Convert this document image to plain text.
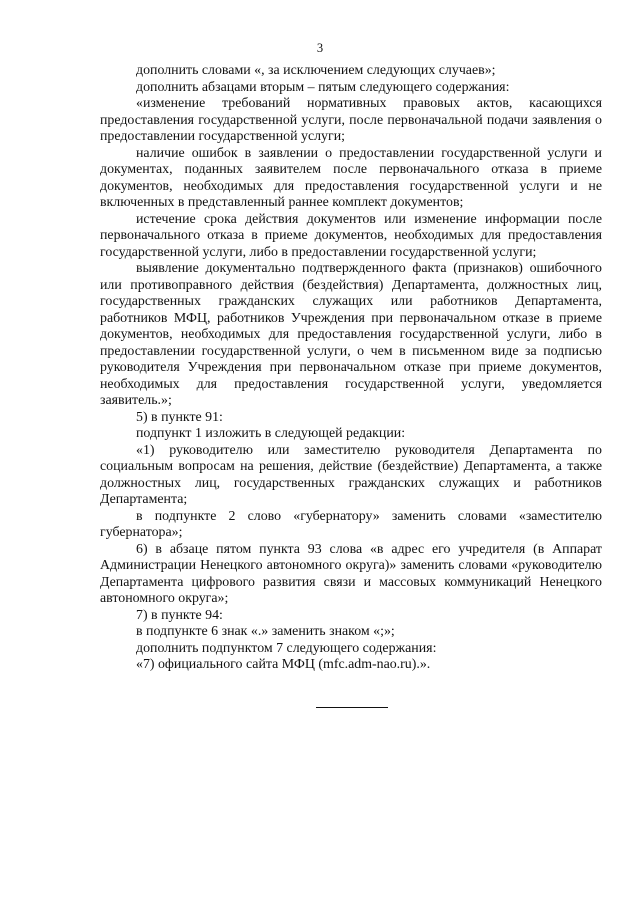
3

дополнить словами «, за исключением следующих случаев»;

дополнить абзацами вторым – пятым следующего содержания:

«изменение требований нормативных правовых актов, касающихся предоставления государственной услуги, после первоначальной подачи заявления о предоставлении государственной услуги;

наличие ошибок в заявлении о предоставлении государственной услуги и документах, поданных заявителем после первоначального отказа в приеме документов, необходимых для предоставления государственной услуги и не включенных в представленный раннее комплект документов;

истечение срока действия документов или изменение информации после первоначального отказа в приеме документов, необходимых для предоставления государственной услуги, либо в предоставлении государственной услуги;

выявление документально подтвержденного факта (признаков) ошибочного или противоправного действия (бездействия) Департамента, должностных лиц, государственных гражданских служащих или работников Департамента, работников МФЦ, работников Учреждения при первоначальном отказе в приеме документов, необходимых для предоставления государственной услуги, либо в предоставлении государственной услуги, о чем в письменном виде за подписью руководителя Учреждения при первоначальном отказе при приеме документов, необходимых для предоставления государственной услуги, уведомляется заявитель.»;

5) в пункте 91:

подпункт 1 изложить в следующей редакции:

«1) руководителю или заместителю руководителя Департамента по социальным вопросам на решения, действие (бездействие) Департамента, а также должностных лиц, государственных гражданских служащих и работников Департамента;

в подпункте 2 слово «губернатору» заменить словами «заместителю губернатора»;

6) в абзаце пятом пункта 93 слова «в адрес его учредителя (в Аппарат Администрации Ненецкого автономного округа)» заменить словами «руководителю Департамента цифрового развития связи и массовых коммуникаций Ненецкого автономного округа»;

7) в пункте 94:

в подпункте 6 знак «.» заменить знаком «;»;

дополнить подпунктом 7 следующего содержания:

«7) официального сайта МФЦ (mfc.adm-nao.ru).».
